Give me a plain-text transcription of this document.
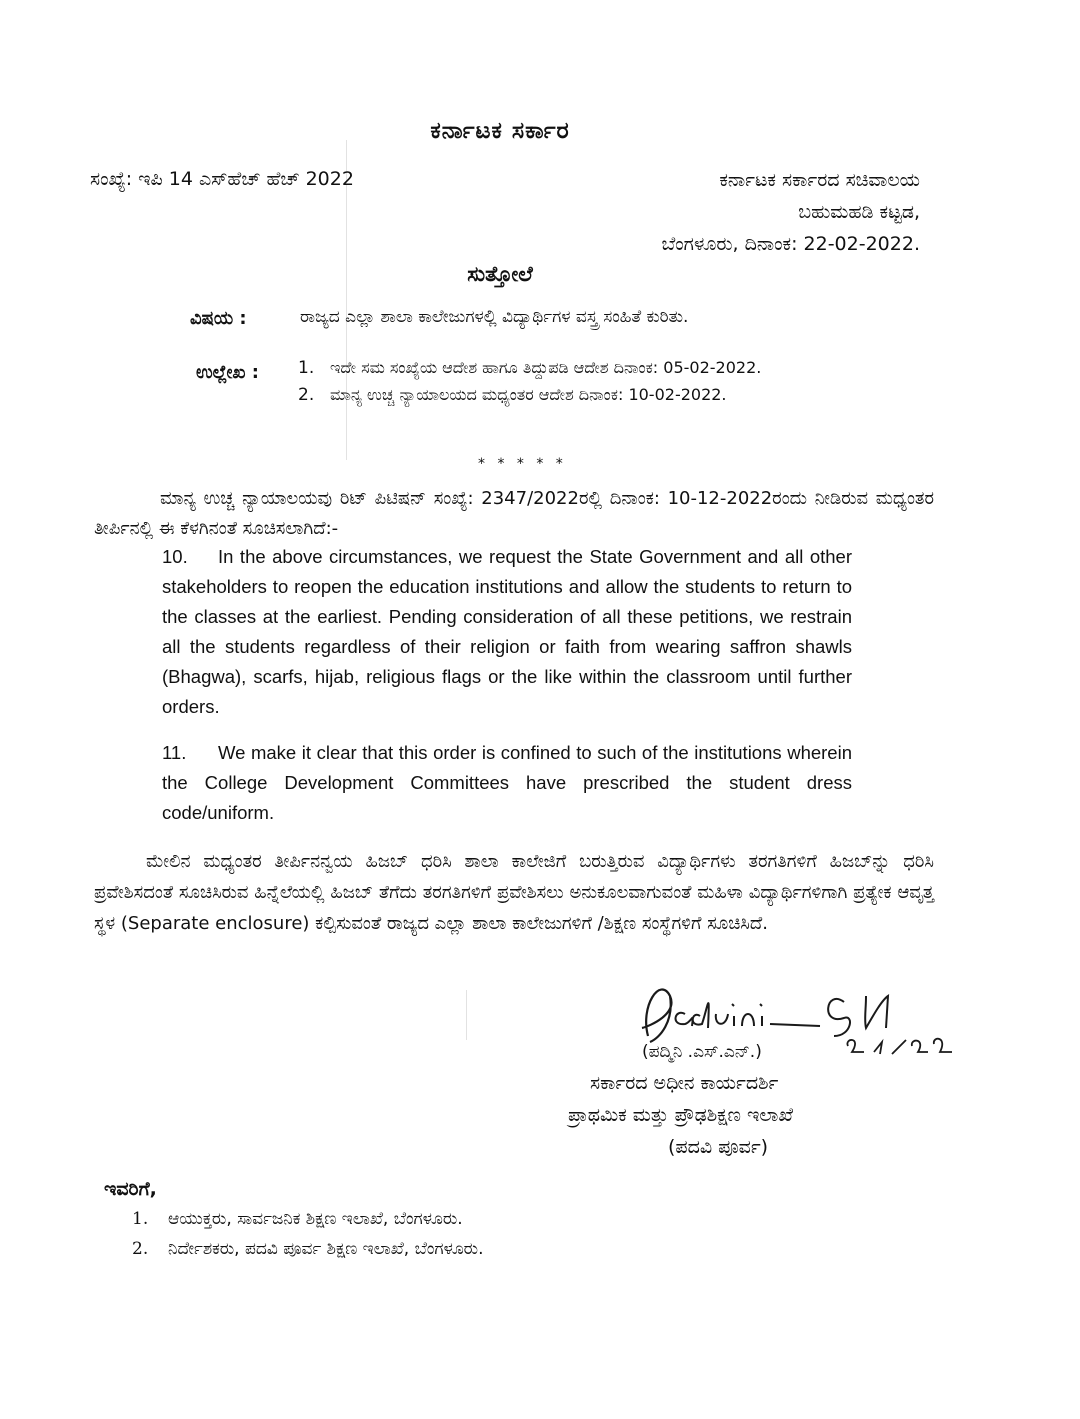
ಕರ್ನಾಟಕ ಸರ್ಕಾರ
ಸಂಖ್ಯೆ: ಇಪಿ 14 ಎಸ್‌ಹೆಚ್ ಹೆಚ್ 2022	ಕರ್ನಾಟಕ ಸರ್ಕಾರದ ಸಚಿವಾಲಯ
ಬಹುಮಹಡಿ ಕಟ್ಟಡ,
ಬೆಂಗಳೂರು, ದಿನಾಂಕ: 22-02-2022.
ಸುತ್ತೋಲೆ
ವಿಷಯ :	ರಾಜ್ಯದ ಎಲ್ಲಾ ಶಾಲಾ ಕಾಲೇಜುಗಳಲ್ಲಿ ವಿದ್ಯಾರ್ಥಿಗಳ ವಸ್ತ್ರ ಸಂಹಿತೆ ಕುರಿತು.
ಉಲ್ಲೇಖ : 1. ಇದೇ ಸಮ ಸಂಖ್ಯೆಯ ಆದೇಶ ಹಾಗೂ ತಿದ್ದುಪಡಿ ಆದೇಶ ದಿನಾಂಕ: 05-02-2022.
2. ಮಾನ್ಯ ಉಚ್ಚ ನ್ಯಾಯಾಲಯದ ಮಧ್ಯಂತರ ಆದೇಶ ದಿನಾಂಕ: 10-02-2022.
* * * * *
ಮಾನ್ಯ ಉಚ್ಚ ನ್ಯಾಯಾಲಯವು ರಿಟ್ ಪಿಟಿಷನ್ ಸಂಖ್ಯೆ: 2347/2022ರಲ್ಲಿ ದಿನಾಂಕ: 10-12-2022ರಂದು ನೀಡಿರುವ ಮಧ್ಯಂತರ ತೀರ್ಪಿನಲ್ಲಿ ಈ ಕೆಳಗಿನಂತೆ ಸೂಚಿಸಲಾಗಿದೆ:-
10. In the above circumstances, we request the State Government and all other stakeholders to reopen the education institutions and allow the students to return to the classes at the earliest. Pending consideration of all these petitions, we restrain all the students regardless of their religion or faith from wearing saffron shawls (Bhagwa), scarfs, hijab, religious flags or the like within the classroom until further orders.
11. We make it clear that this order is confined to such of the institutions wherein the College Development Committees have prescribed the student dress code/uniform.
ಮೇಲಿನ ಮಧ್ಯಂತರ ತೀರ್ಪಿನನ್ವಯ ಹಿಜಬ್ ಧರಿಸಿ ಶಾಲಾ ಕಾಲೇಜಿಗೆ ಬರುತ್ತಿರುವ ವಿದ್ಯಾರ್ಥಿಗಳು ತರಗತಿಗಳಿಗೆ ಹಿಜಬ್‌ನ್ನು ಧರಿಸಿ ಪ್ರವೇಶಿಸದಂತೆ ಸೂಚಿಸಿರುವ ಹಿನ್ನೆಲೆಯಲ್ಲಿ ಹಿಜಬ್ ತೆಗೆದು ತರಗತಿಗಳಿಗೆ ಪ್ರವೇಶಿಸಲು ಅನುಕೂಲವಾಗುವಂತೆ ಮಹಿಳಾ ವಿದ್ಯಾರ್ಥಿಗಳಿಗಾಗಿ ಪ್ರತ್ಯೇಕ ಆವೃತ್ತ ಸ್ಥಳ (Separate enclosure) ಕಲ್ಪಿಸುವಂತೆ ರಾಜ್ಯದ ಎಲ್ಲಾ ಶಾಲಾ ಕಾಲೇಜುಗಳಿಗೆ /ಶಿಕ್ಷಣ ಸಂಸ್ಥೆಗಳಿಗೆ ಸೂಚಿಸಿದೆ.
(ಪದ್ಮಿನಿ .ಎಸ್.ಎನ್.)
ಸರ್ಕಾರದ ಅಧೀನ ಕಾರ್ಯದರ್ಶಿ
ಪ್ರಾಥಮಿಕ ಮತ್ತು ಪ್ರೌಢಶಿಕ್ಷಣ ಇಲಾಖೆ
(ಪದವಿ ಪೂರ್ವ)
ಇವರಿಗೆ,
1.	ಆಯುಕ್ತರು, ಸಾರ್ವಜನಿಕ ಶಿಕ್ಷಣ ಇಲಾಖೆ, ಬೆಂಗಳೂರು.
2.	ನಿರ್ದೇಶಕರು, ಪದವಿ ಪೂರ್ವ ಶಿಕ್ಷಣ ಇಲಾಖೆ, ಬೆಂಗಳೂರು.
